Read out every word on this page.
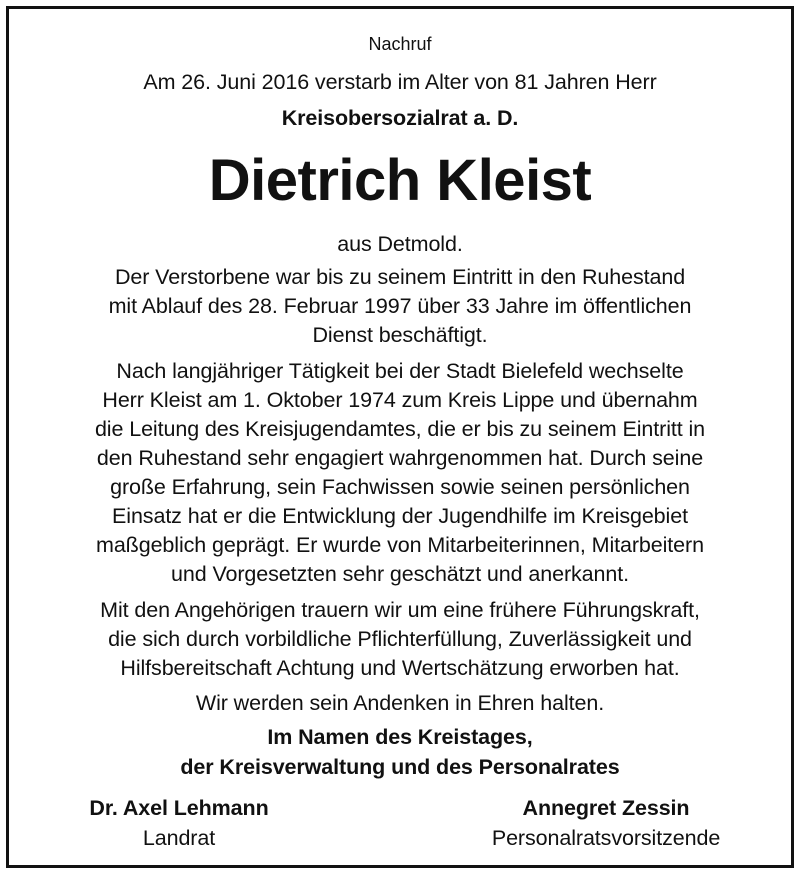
Nachruf
Am 26. Juni 2016 verstarb im Alter von 81 Jahren Herr
Kreisobersozialrat a. D.
Dietrich Kleist
aus Detmold.
Der Verstorbene war bis zu seinem Eintritt in den Ruhestand
mit Ablauf des 28. Februar 1997 über 33 Jahre im öffentlichen
Dienst beschäftigt.
Nach langjähriger Tätigkeit bei der Stadt Bielefeld wechselte
Herr Kleist am 1. Oktober 1974 zum Kreis Lippe und übernahm
die Leitung des Kreisjugendamtes, die er bis zu seinem Eintritt in
den Ruhestand sehr engagiert wahrgenommen hat. Durch seine
große Erfahrung, sein Fachwissen sowie seinen persönlichen
Einsatz hat er die Entwicklung der Jugendhilfe im Kreisgebiet
maßgeblich geprägt. Er wurde von Mitarbeiterinnen, Mitarbeitern
und Vorgesetzten sehr geschätzt und anerkannt.
Mit den Angehörigen trauern wir um eine frühere Führungskraft,
die sich durch vorbildliche Pflichterfüllung, Zuverlässigkeit und
Hilfsbereitschaft Achtung und Wertschätzung erworben hat.
Wir werden sein Andenken in Ehren halten.
Im Namen des Kreistages,
der Kreisverwaltung und des Personalrates
Dr. Axel Lehmann
Landrat
Annegret Zessin
Personalratsvorsitzende
